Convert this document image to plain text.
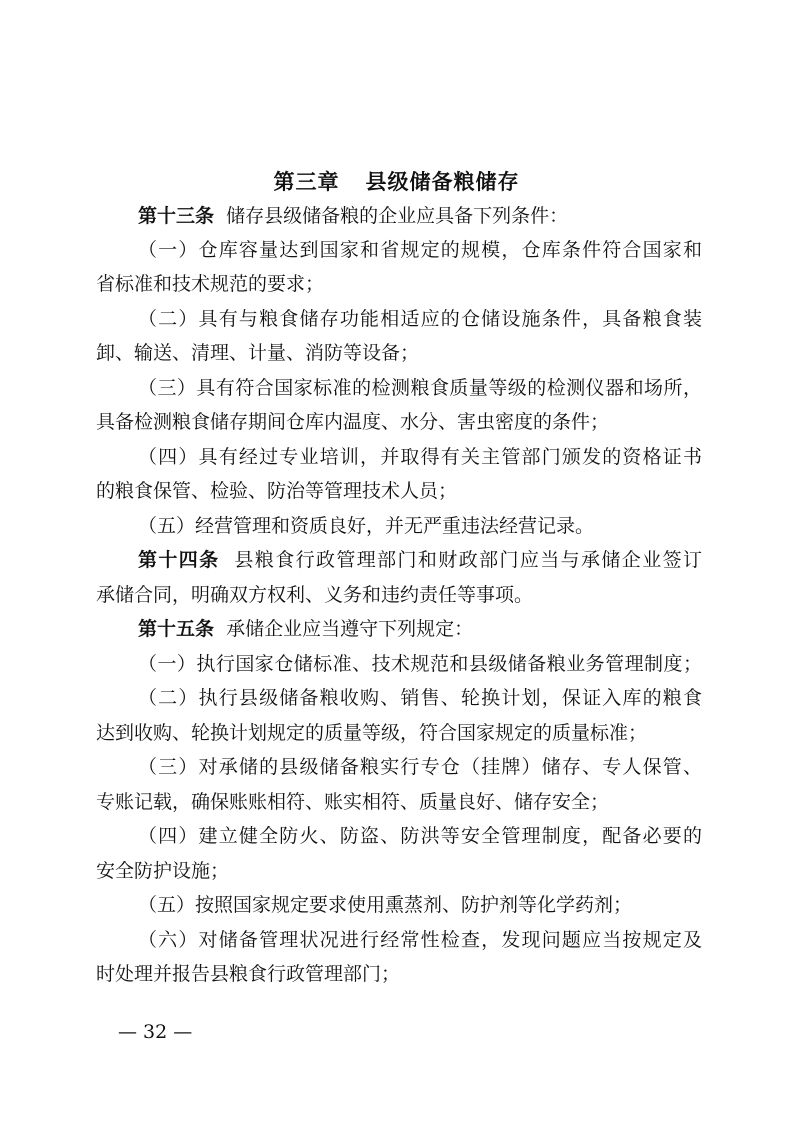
第三章 县级储备粮储存
第十三条 储存县级储备粮的企业应具备下列条件：
（一）仓库容量达到国家和省规定的规模，仓库条件符合国家和
省标准和技术规范的要求；
（二）具有与粮食储存功能相适应的仓储设施条件，具备粮食装
卸、输送、清理、计量、消防等设备；
（三）具有符合国家标准的检测粮食质量等级的检测仪器和场所，
具备检测粮食储存期间仓库内温度、水分、害虫密度的条件；
（四）具有经过专业培训，并取得有关主管部门颁发的资格证书
的粮食保管、检验、防治等管理技术人员；
（五）经营管理和资质良好，并无严重违法经营记录。
第十四条 县粮食行政管理部门和财政部门应当与承储企业签订
承储合同，明确双方权利、义务和违约责任等事项。
第十五条 承储企业应当遵守下列规定：
（一）执行国家仓储标准、技术规范和县级储备粮业务管理制度；
（二）执行县级储备粮收购、销售、轮换计划，保证入库的粮食
达到收购、轮换计划规定的质量等级，符合国家规定的质量标准；
（三）对承储的县级储备粮实行专仓（挂牌）储存、专人保管、
专账记载，确保账账相符、账实相符、质量良好、储存安全；
（四）建立健全防火、防盗、防洪等安全管理制度，配备必要的
安全防护设施；
（五）按照国家规定要求使用熏蒸剂、防护剂等化学药剂；
（六）对储备管理状况进行经常性检查，发现问题应当按规定及
时处理并报告县粮食行政管理部门；
— 32 —
